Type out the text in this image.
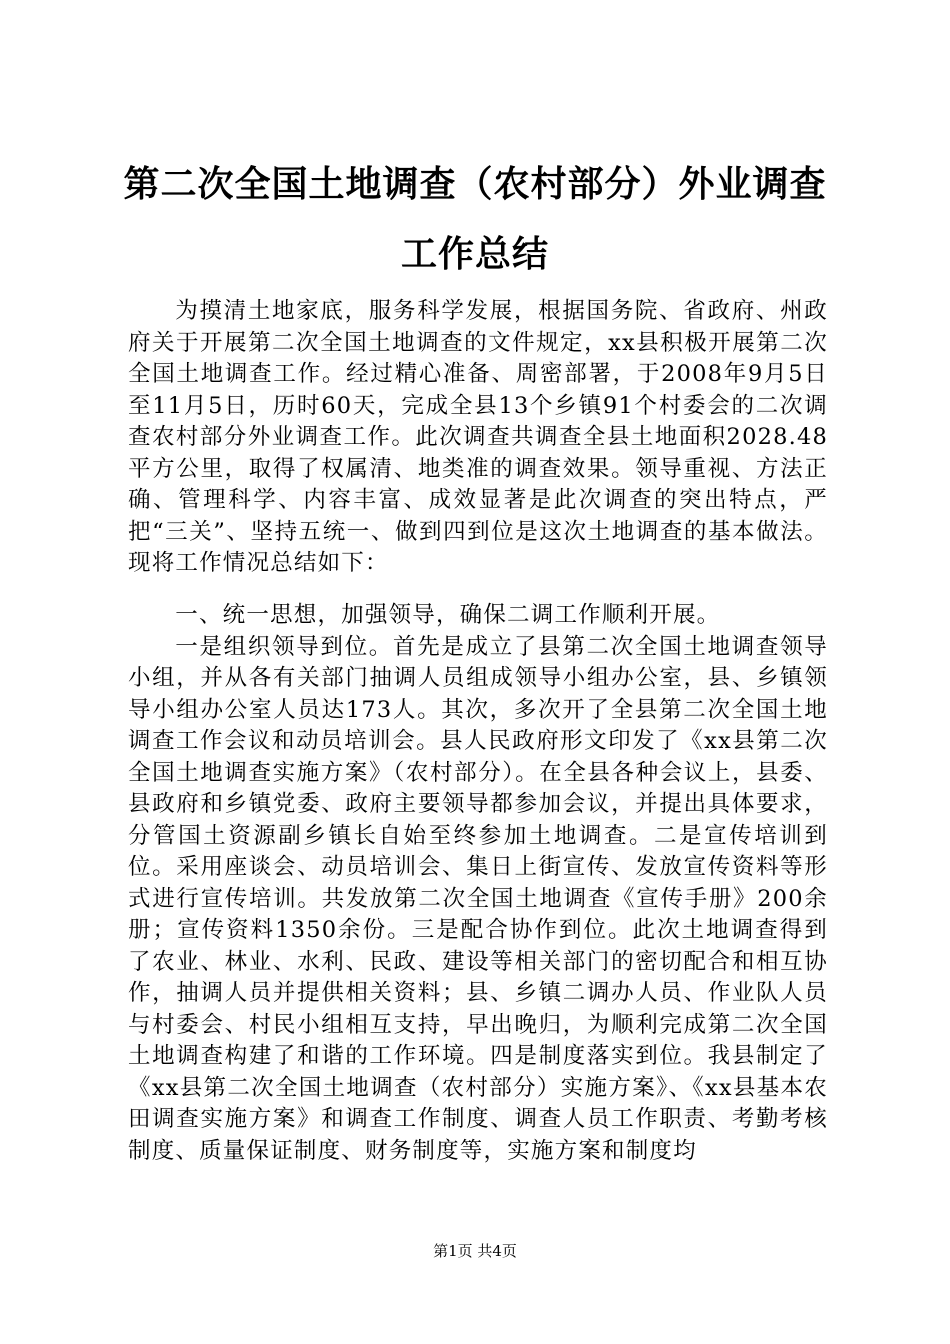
第二次全国土地调查（农村部分）外业调查工作总结

为摸清土地家底，服务科学发展，根据国务院、省政府、州政府关于开展第二次全国土地调查的文件规定，xx县积极开展第二次全国土地调查工作。经过精心准备、周密部署，于2008年9月5日至11月5日，历时60天，完成全县13个乡镇91个村委会的二次调查农村部分外业调查工作。此次调查共调查全县土地面积2028.48平方公里，取得了权属清、地类准的调查效果。领导重视、方法正确、管理科学、内容丰富、成效显著是此次调查的突出特点，严把“三关”、坚持五统一、做到四到位是这次土地调查的基本做法。现将工作情况总结如下：

一、统一思想，加强领导，确保二调工作顺利开展。

一是组织领导到位。首先是成立了县第二次全国土地调查领导小组，并从各有关部门抽调人员组成领导小组办公室，县、乡镇领导小组办公室人员达173人。其次，多次开了全县第二次全国土地调查工作会议和动员培训会。县人民政府形文印发了《xx县第二次全国土地调查实施方案》（农村部分）。在全县各种会议上，县委、县政府和乡镇党委、政府主要领导都参加会议，并提出具体要求，分管国土资源副乡镇长自始至终参加土地调查。二是宣传培训到位。采用座谈会、动员培训会、集日上街宣传、发放宣传资料等形式进行宣传培训。共发放第二次全国土地调查《宣传手册》200余册；宣传资料1350余份。三是配合协作到位。此次土地调查得到了农业、林业、水利、民政、建设等相关部门的密切配合和相互协作，抽调人员并提供相关资料；县、乡镇二调办人员、作业队人员与村委会、村民小组相互支持，早出晚归，为顺利完成第二次全国土地调查构建了和谐的工作环境。四是制度落实到位。我县制定了《xx县第二次全国土地调查（农村部分）实施方案》、《xx县基本农田调查实施方案》和调查工作制度、调查人员工作职责、考勤考核制度、质量保证制度、财务制度等，实施方案和制度均

第1页 共4页
